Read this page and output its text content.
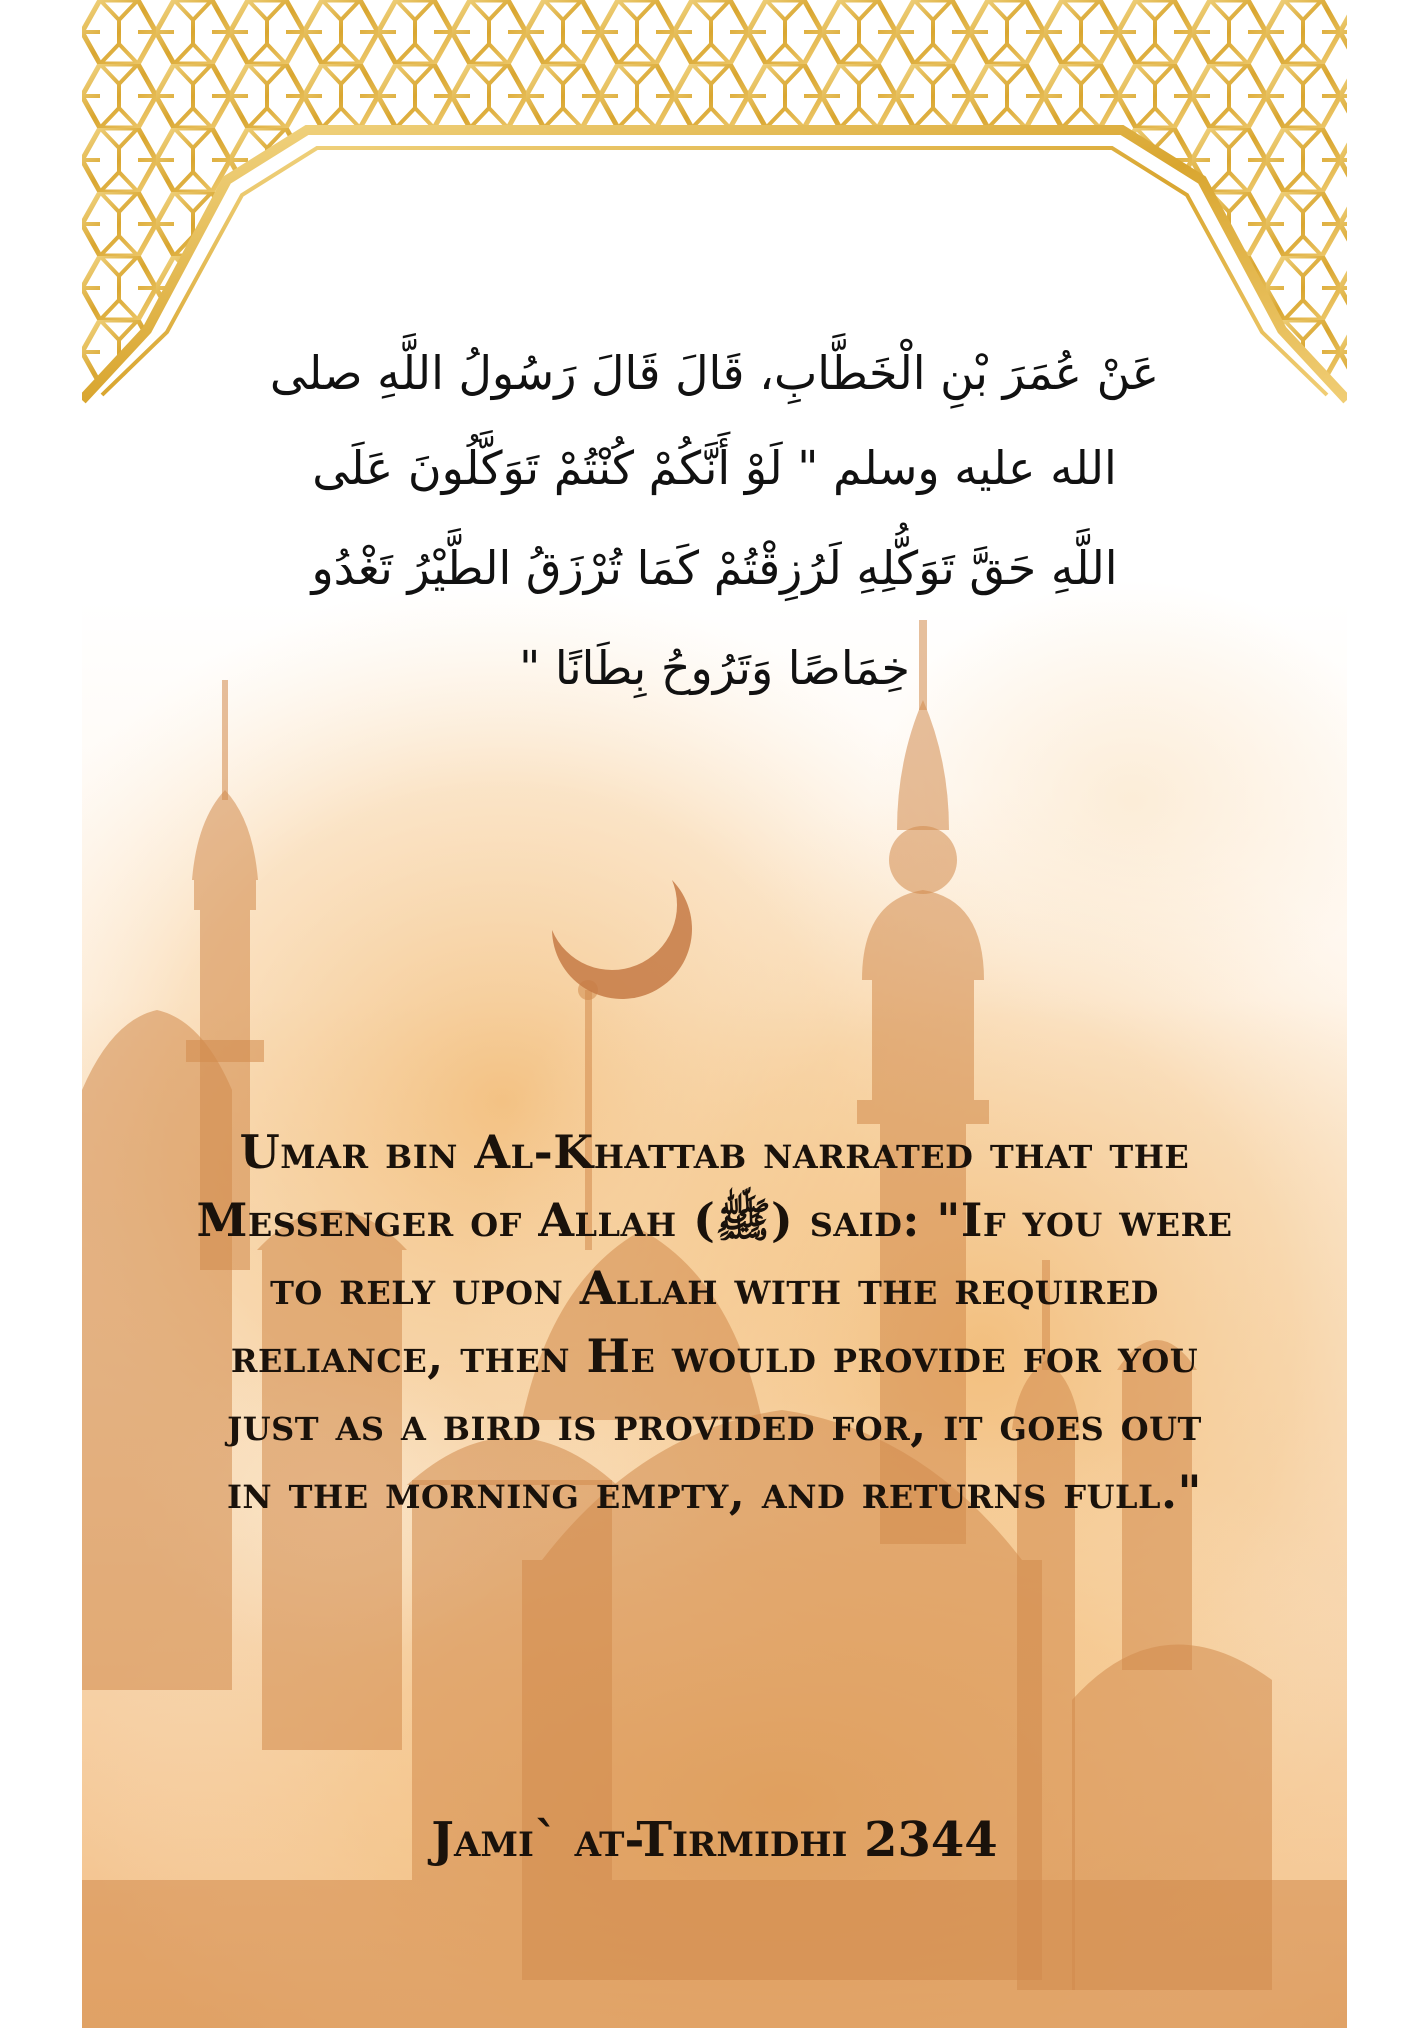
عَنْ عُمَرَ بْنِ الْخَطَّابِ، قَالَ قَالَ رَسُولُ اللَّهِ صلى
الله عليه وسلم " لَوْ أَنَّكُمْ كُنْتُمْ تَوَكَّلُونَ عَلَى
اللَّهِ حَقَّ تَوَكُّلِهِ لَرُزِقْتُمْ كَمَا تُرْزَقُ الطَّيْرُ تَغْدُو
خِمَاصًا وَتَرُوحُ بِطَانًا "
Umar bin Al-Khattab narrated that the
Messenger of Allah (ﷺ) said: "If you were
to rely upon Allah with the required
reliance, then He would provide for you
just as a bird is provided for, it goes out
in the morning empty, and returns full."
Jami` at-Tirmidhi 2344
